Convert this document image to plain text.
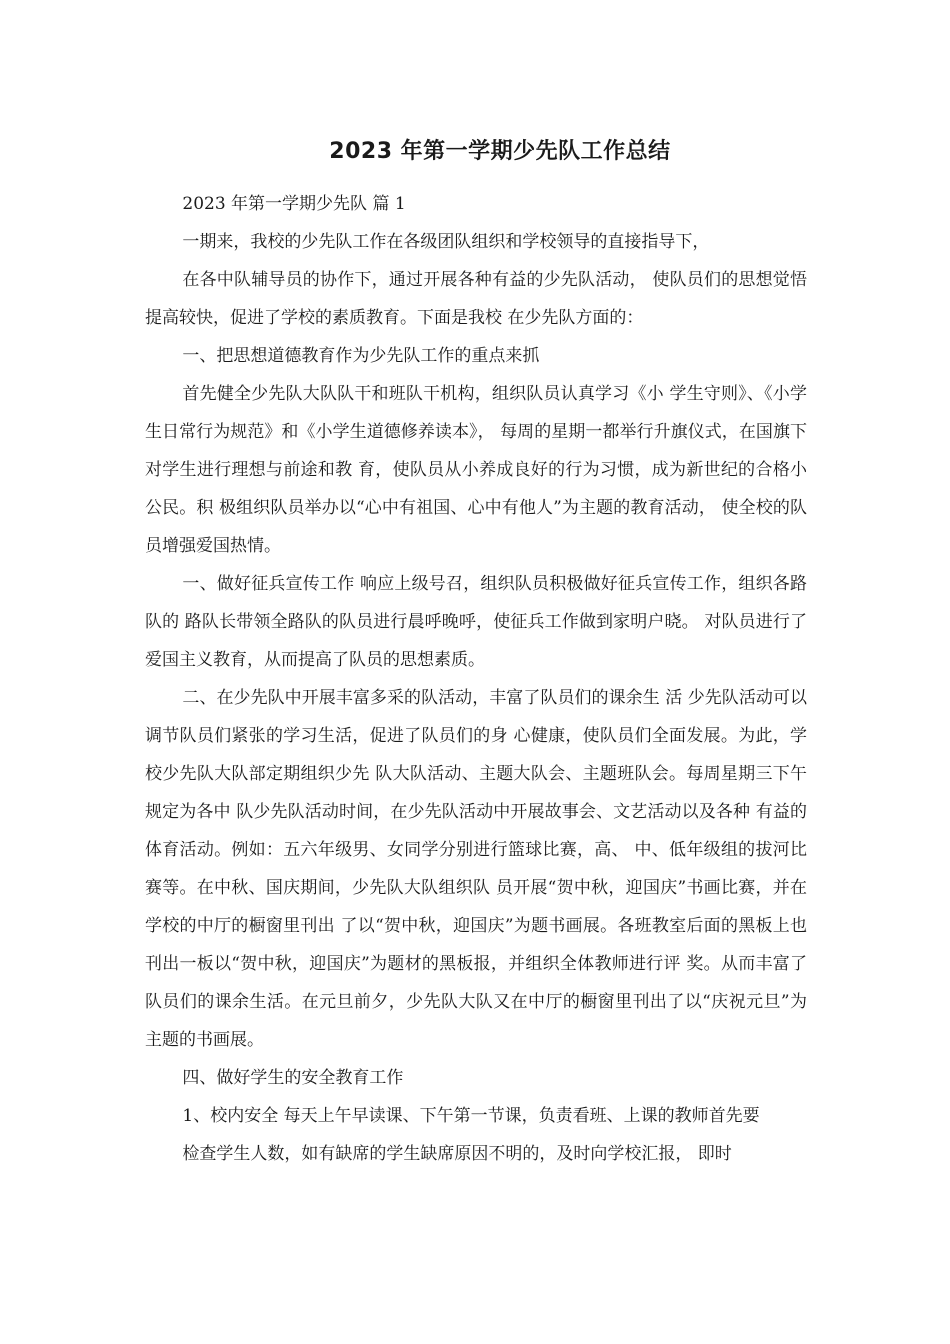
2023 年第一学期少先队工作总结

2023 年第一学期少先队 篇 1

一期来，我校的少先队工作在各级团队组织和学校领导的直接指导下，

在各中队辅导员的协作下，通过开展各种有益的少先队活动， 使队员们的思想觉悟提高较快，促进了学校的素质教育。下面是我校 在少先队方面的：

一、把思想道德教育作为少先队工作的重点来抓

首先健全少先队大队队干和班队干机构，组织队员认真学习《小 学生守则》、《小学生日常行为规范》和《小学生道德修养读本》， 每周的星期一都举行升旗仪式，在国旗下对学生进行理想与前途和教 育，使队员从小养成良好的行为习惯，成为新世纪的合格小公民。积 极组织队员举办以“心中有祖国、心中有他人”为主题的教育活动， 使全校的队员增强爱国热情。

一、做好征兵宣传工作 响应上级号召，组织队员积极做好征兵宣传工作，组织各路队的 路队长带领全路队的队员进行晨呼晚呼，使征兵工作做到家明户晓。 对队员进行了爱国主义教育，从而提高了队员的思想素质。

二、在少先队中开展丰富多采的队活动，丰富了队员们的课余生 活 少先队活动可以调节队员们紧张的学习生活，促进了队员们的身 心健康，使队员们全面发展。为此，学校少先队大队部定期组织少先 队大队活动、主题大队会、主题班队会。每周星期三下午规定为各中 队少先队活动时间，在少先队活动中开展故事会、文艺活动以及各种 有益的体育活动。例如：五六年级男、女同学分别进行篮球比赛，高、 中、低年级组的拔河比赛等。在中秋、国庆期间，少先队大队组织队 员开展“贺中秋，迎国庆”书画比赛，并在学校的中厅的橱窗里刊出 了以“贺中秋，迎国庆”为题书画展。各班教室后面的黑板上也刊出一板以“贺中秋，迎国庆”为题材的黑板报，并组织全体教师进行评 奖。从而丰富了队员们的课余生活。在元旦前夕，少先队大队又在中厅的橱窗里刊出了以“庆祝元旦”为主题的书画展。

四、做好学生的安全教育工作

1、校内安全 每天上午早读课、下午第一节课，负责看班、上课的教师首先要

检查学生人数，如有缺席的学生缺席原因不明的，及时向学校汇报， 即时
